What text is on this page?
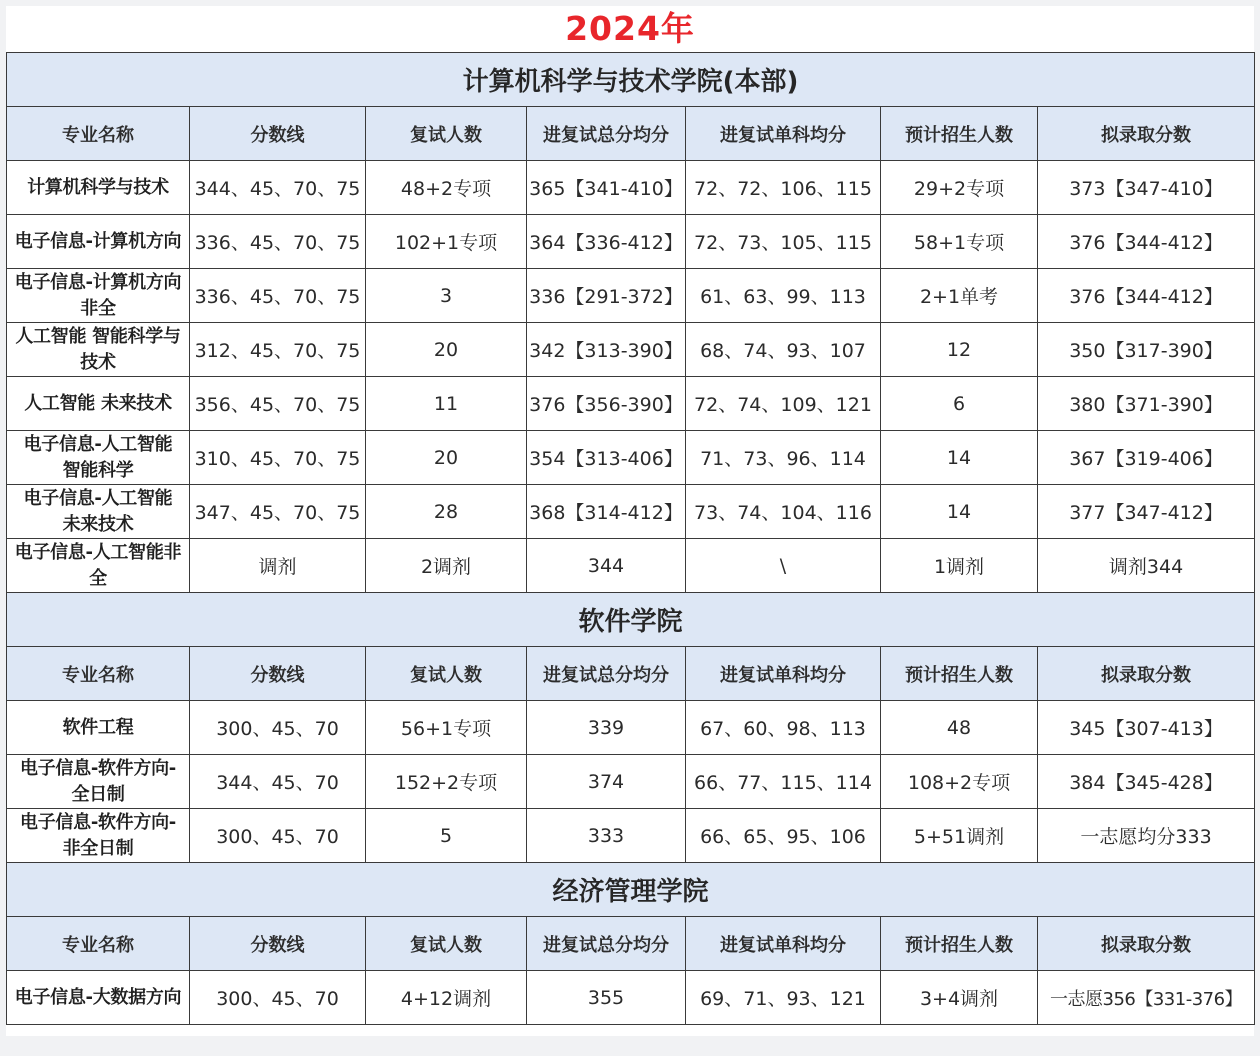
2024年
计算机科学与技术学院(本部)						
专业名称	分数线	复试人数	进复试总分均分	进复试单科均分	预计招生人数	拟录取分数
计算机科学与技术	344、45、70、75	48+2专项	365【341-410】	72、72、106、115	29+2专项	373【347-410】
电子信息-计算机方向	336、45、70、75	102+1专项	364【336-412】	72、73、105、115	58+1专项	376【344-412】
电子信息-计算机方向
非全	336、45、70、75	3	336【291-372】	61、63、99、113	2+1单考	376【344-412】
人工智能 智能科学与
技术	312、45、70、75	20	342【313-390】	68、74、93、107	12	350【317-390】
人工智能 未来技术	356、45、70、75	11	376【356-390】	72、74、109、121	6	380【371-390】
电子信息-人工智能
智能科学	310、45、70、75	20	354【313-406】	71、73、96、114	14	367【319-406】
电子信息-人工智能
未来技术	347、45、70、75	28	368【314-412】	73、74、104、116	14	377【347-412】
电子信息-人工智能非
全	调剂	2调剂	344	\	1调剂	调剂344
软件学院						
专业名称	分数线	复试人数	进复试总分均分	进复试单科均分	预计招生人数	拟录取分数
软件工程	300、45、70	56+1专项	339	67、60、98、113	48	345【307-413】
电子信息-软件方向-
全日制	344、45、70	152+2专项	374	66、77、115、114	108+2专项	384【345-428】
电子信息-软件方向-
非全日制	300、45、70	5	333	66、65、95、106	5+51调剂	一志愿均分333
经济管理学院						
专业名称	分数线	复试人数	进复试总分均分	进复试单科均分	预计招生人数	拟录取分数
电子信息-大数据方向	300、45、70	4+12调剂	355	69、71、93、121	3+4调剂	一志愿356【331-376】
